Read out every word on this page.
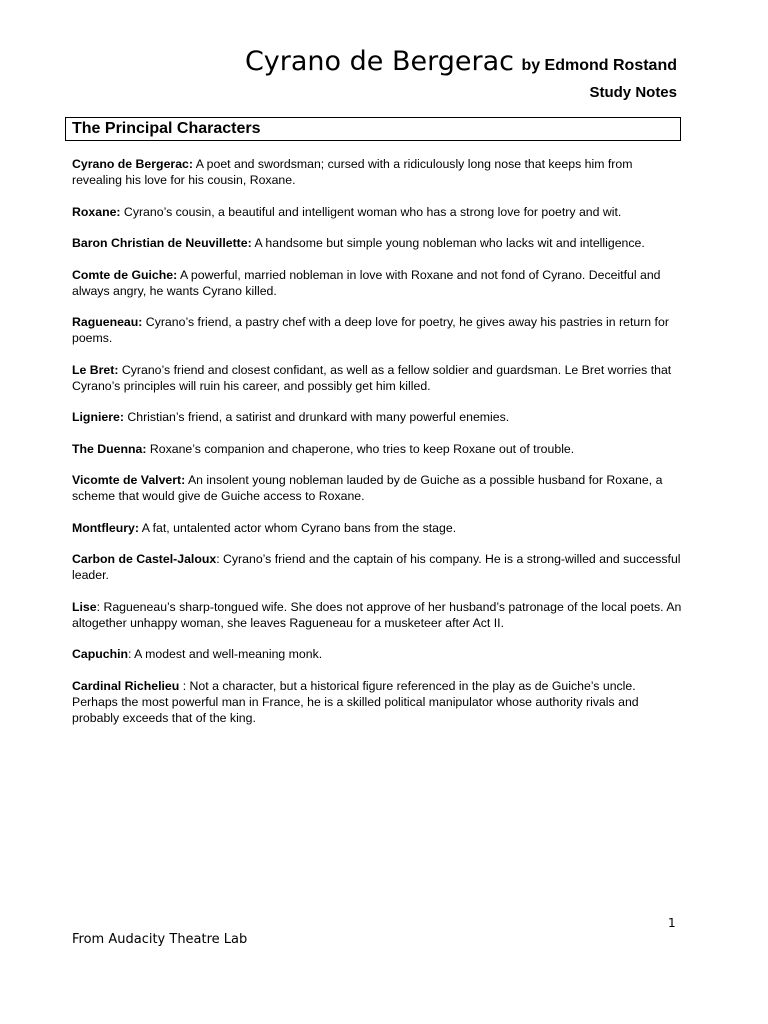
Cyrano de Bergerac by Edmond Rostand
Study Notes
The Principal Characters

Cyrano de Bergerac: A poet and swordsman; cursed with a ridiculously long nose that keeps him from revealing his love for his cousin, Roxane.

Roxane: Cyrano’s cousin, a beautiful and intelligent woman who has a strong love for poetry and wit.

Baron Christian de Neuvillette: A handsome but simple young nobleman who lacks wit and intelligence.

Comte de Guiche: A powerful, married nobleman in love with Roxane and not fond of Cyrano. Deceitful and always angry, he wants Cyrano killed.

Ragueneau: Cyrano’s friend, a pastry chef with a deep love for poetry, he gives away his pastries in return for poems.

Le Bret: Cyrano’s friend and closest confidant, as well as a fellow soldier and guardsman. Le Bret worries that Cyrano’s principles will ruin his career, and possibly get him killed.

Ligniere: Christian’s friend, a satirist and drunkard with many powerful enemies.

The Duenna: Roxane’s companion and chaperone, who tries to keep Roxane out of trouble.

Vicomte de Valvert: An insolent young nobleman lauded by de Guiche as a possible husband for Roxane, a scheme that would give de Guiche access to Roxane.

Montfleury: A fat, untalented actor whom Cyrano bans from the stage.

Carbon de Castel-Jaloux: Cyrano’s friend and the captain of his company. He is a strong-willed and successful leader.

Lise: Ragueneau’s sharp-tongued wife. She does not approve of her husband’s patronage of the local poets. An altogether unhappy woman, she leaves Ragueneau for a musketeer after Act II.

Capuchin: A modest and well-meaning monk.

Cardinal Richelieu : Not a character, but a historical figure referenced in the play as de Guiche’s uncle. Perhaps the most powerful man in France, he is a skilled political manipulator whose authority rivals and probably exceeds that of the king.

1
From Audacity Theatre Lab
